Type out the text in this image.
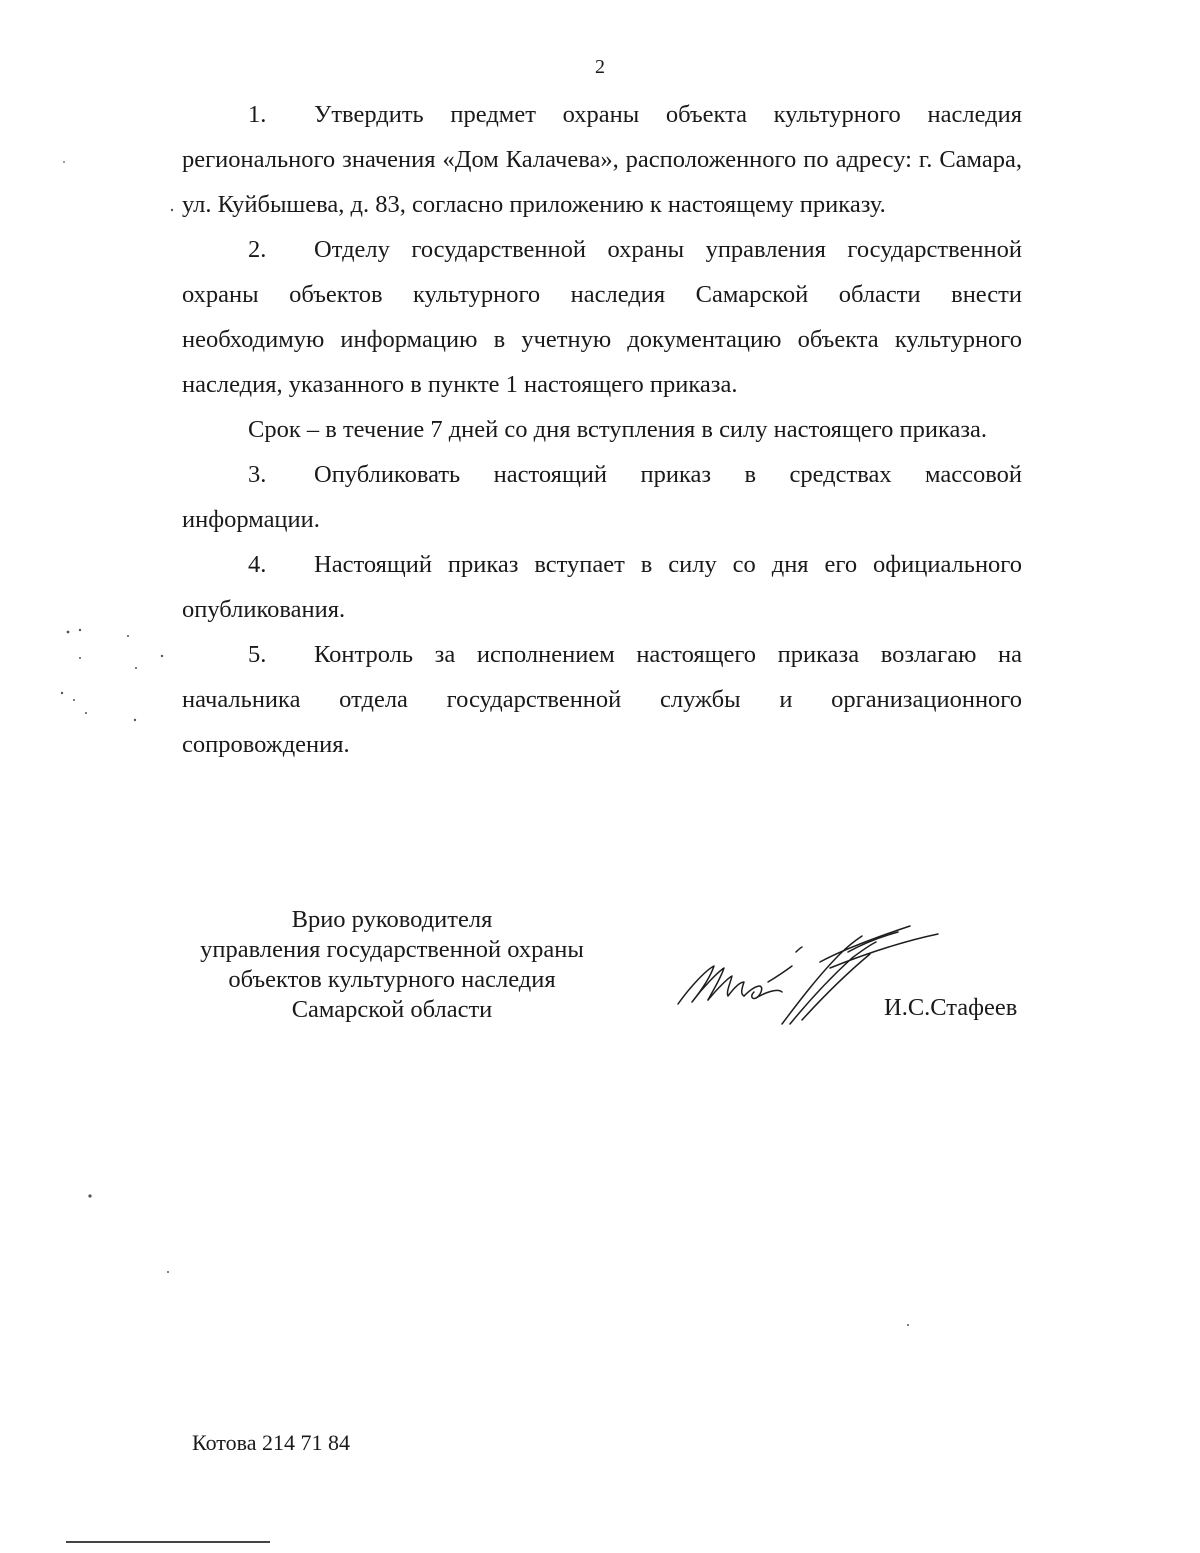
2

1. Утвердить предмет охраны объекта культурного наследия регионального значения «Дом Калачева», расположенного по адресу: г. Самара, ул. Куйбышева, д. 83, согласно приложению к настоящему приказу.

2. Отделу государственной охраны управления государственной охраны объектов культурного наследия Самарской области внести необходимую информацию в учетную документацию объекта культурного наследия, указанного в пункте 1 настоящего приказа.

Срок – в течение 7 дней со дня вступления в силу настоящего приказа.

3. Опубликовать настоящий приказ в средствах массовой информации.

4. Настоящий приказ вступает в силу со дня его официального опубликования.

5. Контроль за исполнением настоящего приказа возлагаю на начальника отдела государственной службы и организационного сопровождения.

Врио руководителя
управления государственной охраны
объектов культурного наследия
Самарской области	И.С.Стафеев
Котова 214 71 84
